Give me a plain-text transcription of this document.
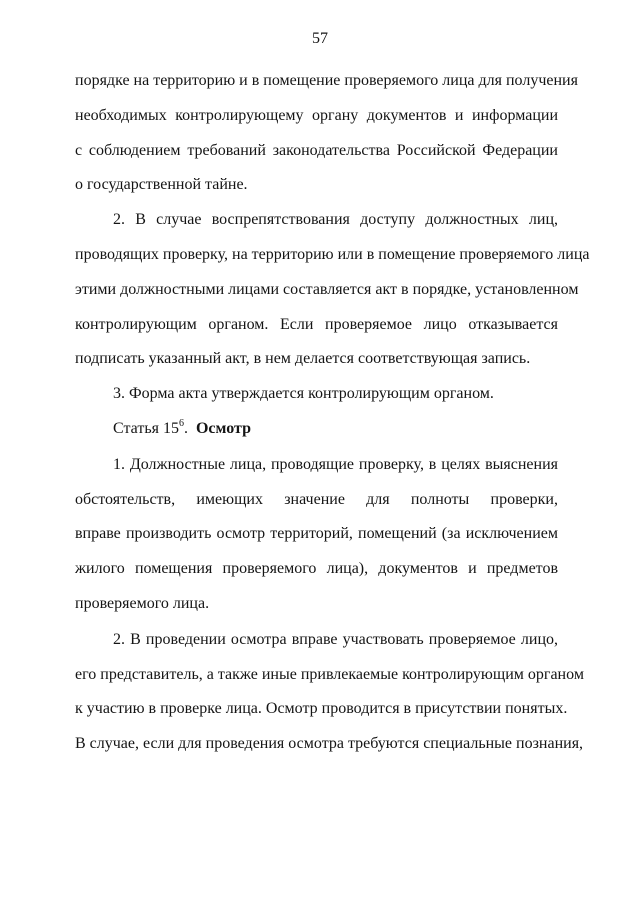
57
порядке на территорию и в помещение проверяемого лица для получения
необходимых контролирующему органу документов и информации
с соблюдением требований законодательства Российской Федерации
о государственной тайне.
2. В случае воспрепятствования доступу должностных лиц,
проводящих проверку, на территорию или в помещение проверяемого лица
этими должностными лицами составляется акт в порядке, установленном
контролирующим органом. Если проверяемое лицо отказывается
подписать указанный акт, в нем делается соответствующая запись.
3. Форма акта утверждается контролирующим органом.
Статья $15^6$.  Осмотр
1. Должностные лица, проводящие проверку, в целях выяснения
обстоятельств, имеющих значение для полноты проверки,
вправе производить осмотр территорий, помещений (за исключением
жилого помещения проверяемого лица), документов и предметов
проверяемого лица.
2. В проведении осмотра вправе участвовать проверяемое лицо,
его представитель, а также иные привлекаемые контролирующим органом
к участию в проверке лица. Осмотр проводится в присутствии понятых.
В случае, если для проведения осмотра требуются специальные познания,
